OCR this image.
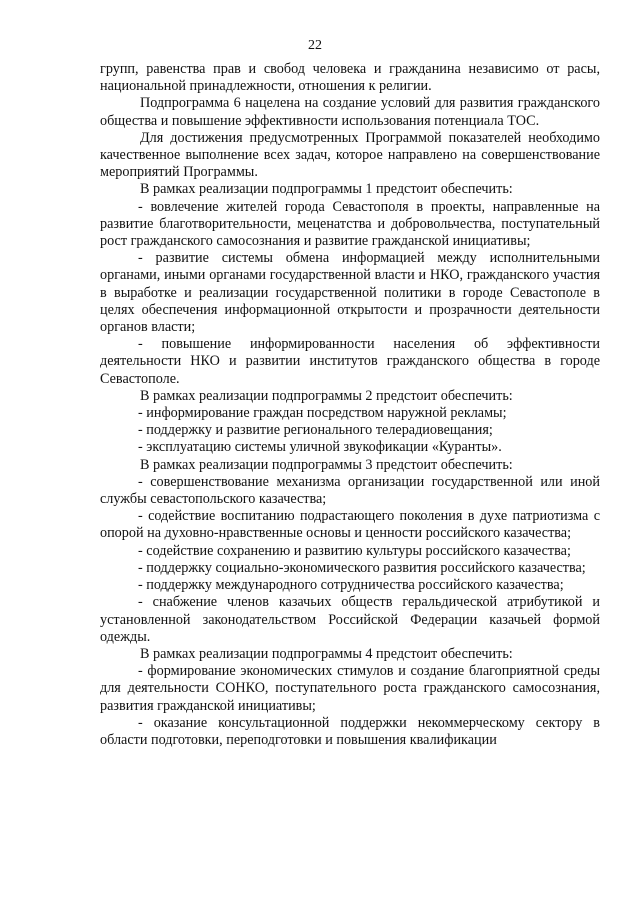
22

групп, равенства прав и свобод человека и гражданина независимо от расы, национальной принадлежности, отношения к религии.

Подпрограмма 6 нацелена на создание условий для развития гражданского общества и повышение эффективности использования потенциала ТОС.

Для достижения предусмотренных Программой показателей необходимо качественное выполнение всех задач, которое направлено на совершенствование мероприятий Программы.

В рамках реализации подпрограммы 1 предстоит обеспечить:

- вовлечение жителей города Севастополя в проекты, направленные на развитие благотворительности, меценатства и добровольчества, поступательный рост гражданского самосознания и развитие гражданской инициативы;

- развитие системы обмена информацией между исполнительными органами, иными органами государственной власти и НКО, гражданского участия в выработке и реализации государственной политики в городе Севастополе в целях обеспечения информационной открытости и прозрачности деятельности органов власти;

- повышение информированности населения об эффективности деятельности НКО и развитии институтов гражданского общества в городе Севастополе.

В рамках реализации подпрограммы 2 предстоит обеспечить:

- информирование граждан посредством наружной рекламы;

- поддержку и развитие регионального телерадиовещания;

- эксплуатацию системы уличной звукофикации «Куранты».

В рамках реализации подпрограммы 3 предстоит обеспечить:

- совершенствование механизма организации государственной или иной службы севастопольского казачества;

- содействие воспитанию подрастающего поколения в духе патриотизма с опорой на духовно-нравственные основы и ценности российского казачества;

- содействие сохранению и развитию культуры российского казачества;

- поддержку социально-экономического развития российского казачества;

- поддержку международного сотрудничества российского казачества;

- снабжение членов казачьих обществ геральдической атрибутикой и установленной законодательством Российской Федерации казачьей формой одежды.

В рамках реализации подпрограммы 4 предстоит обеспечить:

- формирование экономических стимулов и создание благоприятной среды для деятельности СОНКО, поступательного роста гражданского самосознания, развития гражданской инициативы;

- оказание консультационной поддержки некоммерческому сектору в области подготовки, переподготовки и повышения квалификации
